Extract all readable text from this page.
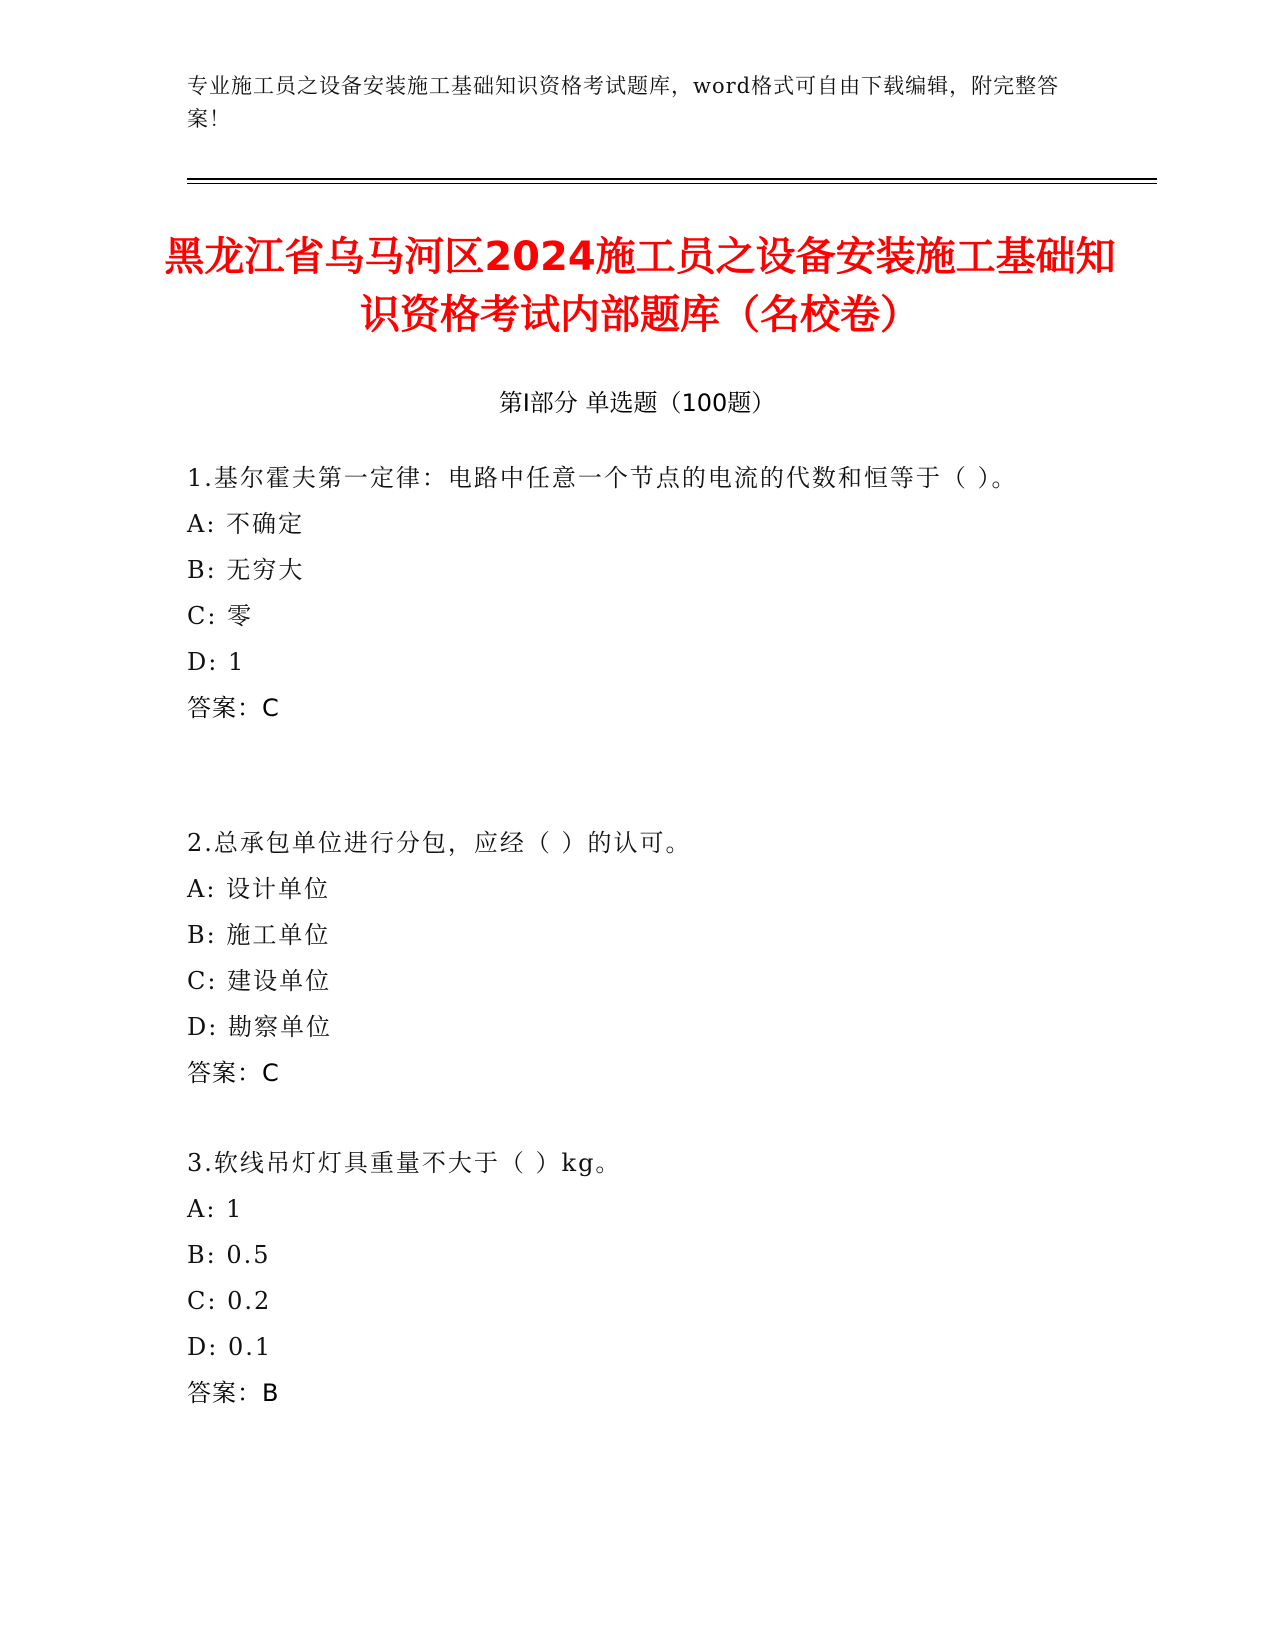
专业施工员之设备安装施工基础知识资格考试题库，word格式可自由下载编辑，附完整答案！
黑龙江省乌马河区2024施工员之设备安装施工基础知识资格考试内部题库（名校卷）
第I部分 单选题（100题）
1.基尔霍夫第一定律：电路中任意一个节点的电流的代数和恒等于（ ）。
A: 不确定
B: 无穷大
C: 零
D: 1
答案：C
2.总承包单位进行分包，应经（ ）的认可。
A: 设计单位
B: 施工单位
C: 建设单位
D: 勘察单位
答案：C
3.软线吊灯灯具重量不大于（ ）kg。
A: 1
B: 0.5
C: 0.2
D: 0.1
答案：B
